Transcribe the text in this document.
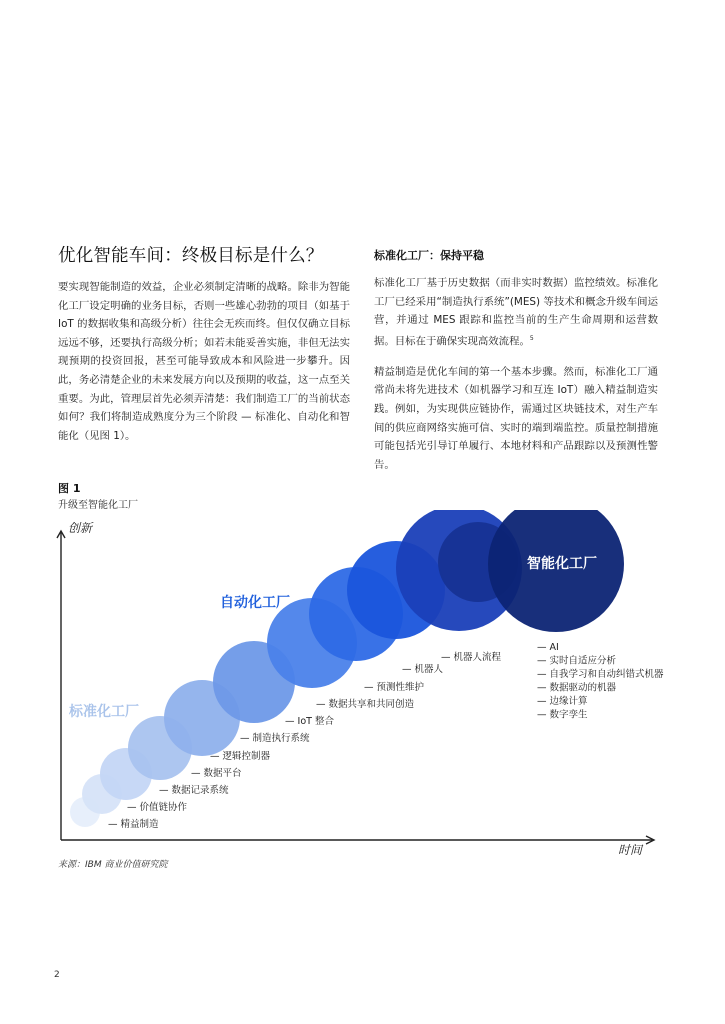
优化智能车间：终极目标是什么？

要实现智能制造的效益，企业必须制定清晰的战略。除非为智能化工厂设定明确的业务目标，否则一些雄心勃勃的项目（如基于 IoT 的数据收集和高级分析）往往会无疾而终。但仅仅确立目标远远不够，还要执行高级分析；如若未能妥善实施，非但无法实现预期的投资回报，甚至可能导致成本和风险进一步攀升。因此，务必清楚企业的未来发展方向以及预期的收益，这一点至关重要。为此，管理层首先必须弄清楚：我们制造工厂的当前状态如何？我们将制造成熟度分为三个阶段 — 标准化、自动化和智能化（见图 1）。

标准化工厂：保持平稳

标准化工厂基于历史数据（而非实时数据）监控绩效。标准化工厂已经采用“制造执行系统”(MES) 等技术和概念升级车间运营，并通过 MES 跟踪和监控当前的生产生命周期和运营数据。目标在于确保实现高效流程。$^5$

精益制造是优化车间的第一个基本步骤。然而，标准化工厂通常尚未将先进技术（如机器学习和互连 IoT）融入精益制造实践。例如，为实现供应链协作，需通过区块链技术，对生产车间的供应商网络实施可信、实时的端到端监控。质量控制措施可能包括光引导订单履行、本地材料和产品跟踪以及预测性警告。

图 1
升级至智能化工厂
创新
时间
标准化工厂
自动化工厂
智能化工厂
— 精益制造
— 价值链协作
— 数据记录系统
— 数据平台
— 逻辑控制器
— 制造执行系统
— IoT 整合
— 数据共享和共同创造
— 预测性维护
— 机器人
— 机器人流程
— AI
— 实时自适应分析
— 自我学习和自动纠错式机器
— 数据驱动的机器
— 边缘计算
— 数字孪生
来源：IBM 商业价值研究院
2
